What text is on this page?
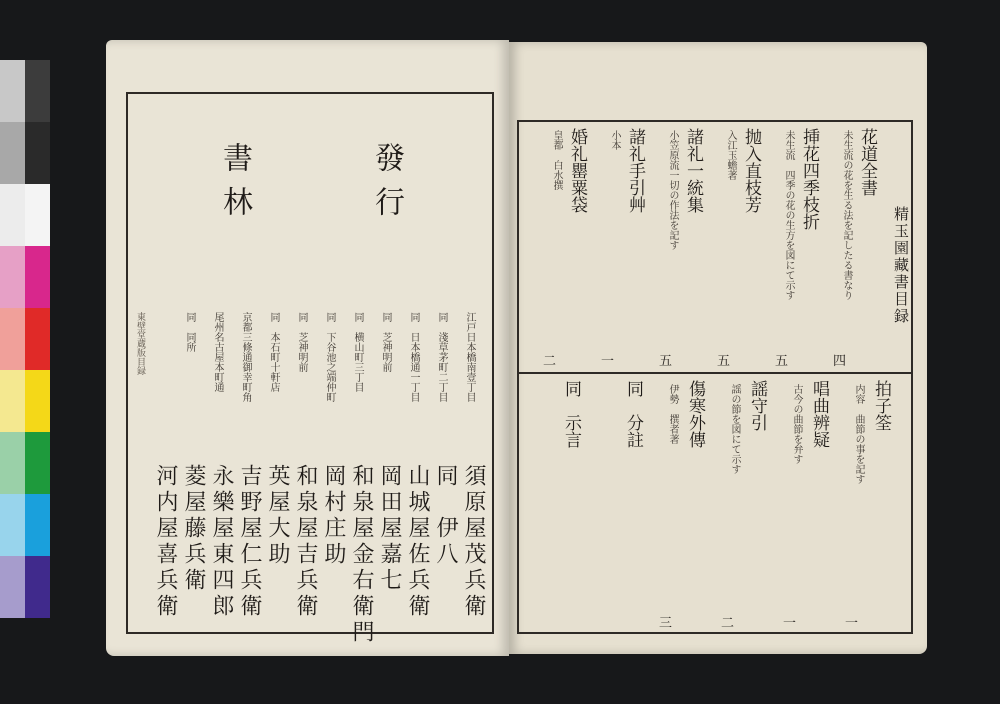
發行
書林
江戸日本橋南壹丁目
同　淺草茅町二丁目
同　日本橋通一丁目
同　芝神明前
同　横山町三丁目
同　下谷池之端仲町
同　芝神明前
同　本石町十軒店
京都三條通御幸町角
尾州名古屋本町通
同　同所
須原屋茂兵衛
同　伊八
山城屋佐兵衛
岡田屋嘉七
和泉屋金右衛門
岡村庄助
和泉屋吉兵衛
英屋大助
吉野屋仁兵衛
永樂屋東四郎
菱屋藤兵衛
河内屋喜兵衛
東壁堂蔵版目録
精玉園藏書目録
花道全書
未生流の花を生る法を記したる書なり
四
挿花四季枝折
未生流　四季の花の生方を図にて示す
五
抛入直枝芳
入江玉蟾著
五
諸礼一統集
小笠原流一切の作法を記す
五
諸礼手引艸
小本
一
婚礼罌粟袋
皇都　白水撰
二
拍子筌
内容　曲節の事を記す
一
唱曲辨疑
古今の曲節を弁す
一
謡守引
謡の節を図にて示す
二
傷寒外傳
伊勢　撰者著
三
同　分註
同　示言
